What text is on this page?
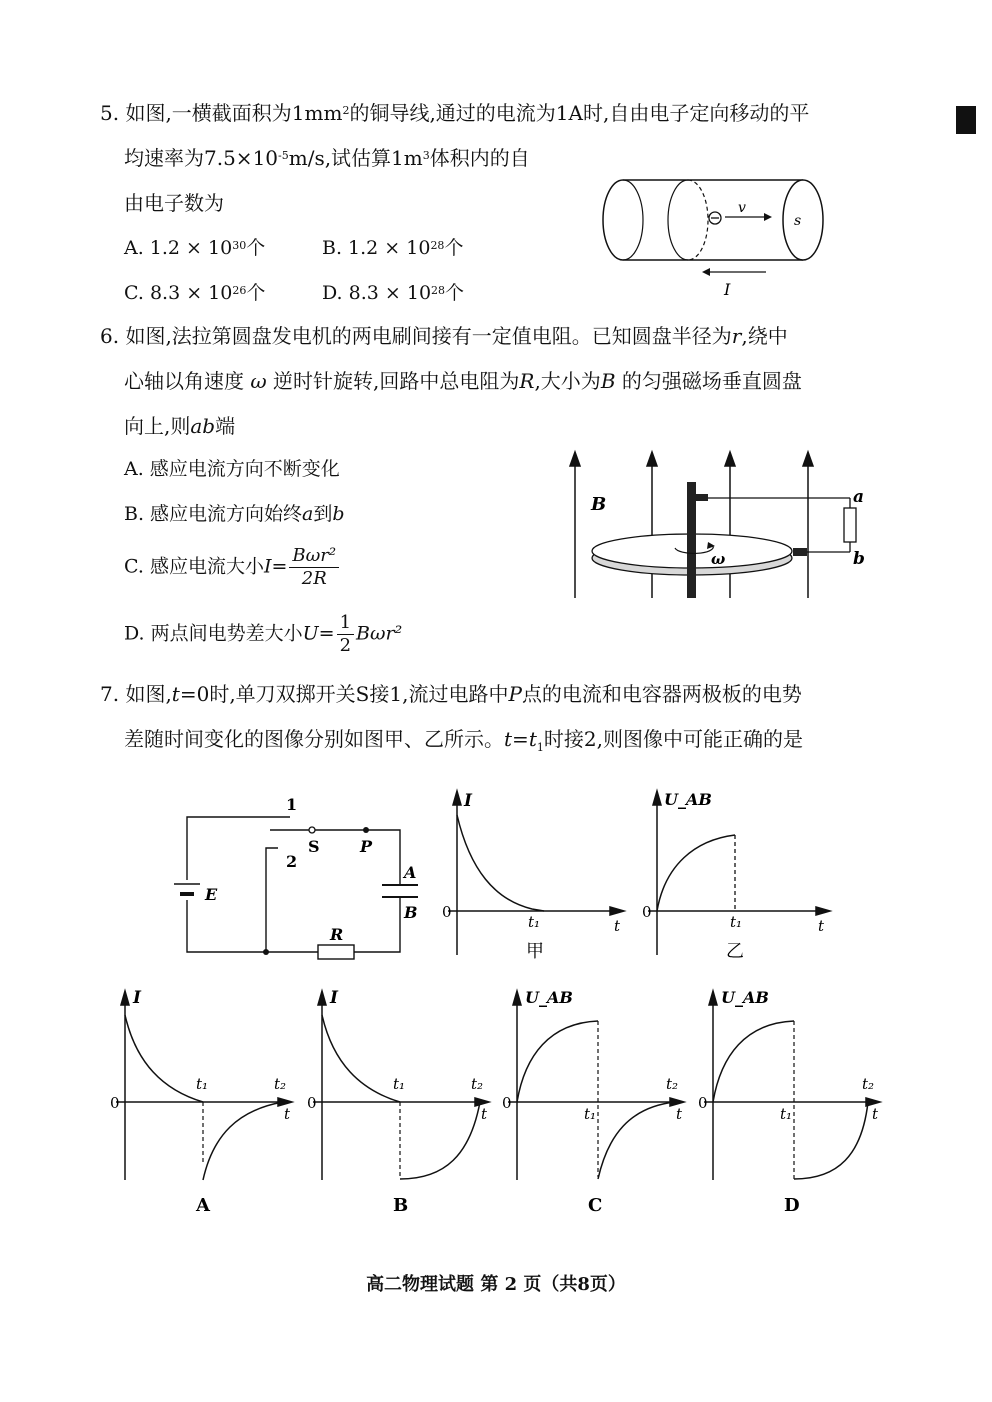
5. 如图,一横截面积为$1mm^2$的铜导线,通过的电流为1A时,自由电子定向移动的平
均速率为$7.5\times 10^{-5}m/s$,试估算$1m^3$体积内的自
由电子数为
A. $1.2 \times 10^{30}$个	B. $1.2 \times 10^{28}$个
C. $8.3 \times 10^{26}$个	D. $8.3 \times 10^{28}$个
v
s
I
6. 如图,法拉第圆盘发电机的两电刷间接有一定值电阻。已知圆盘半径为r,绕中
心轴以角速度 ω 逆时针旋转,回路中总电阻为R,大小为B 的匀强磁场垂直圆盘
向上,则ab端
A. 感应电流方向不断变化
B. 感应电流方向始终a到b
C. 感应电流大小$I= \frac{\text{Bωr²}}{2R}$
D. 两点间电势差大小$U= \frac{1}{2} B\omega r^2$
ω
B	a
b
7. 如图,t=0时,单刀双掷开关S接1,流过电路中P点的电流和电容器两极板的电势
差随时间变化的图像分别如图甲、乙所示。$t=t_1$时接2,则图像中可能正确的是
1
2
S	P
E
A
B
R
I
0
t₁	t
甲
U_AB
0
t₁	t
乙
I
0
t₁	t₂
t
A
I
0
t₁	t₂
t
B
U_AB
0
t₁
t₂
t
C
U_AB
0
t₁
t₂
t
D
高二物理试题 第 2 页（共8页）
